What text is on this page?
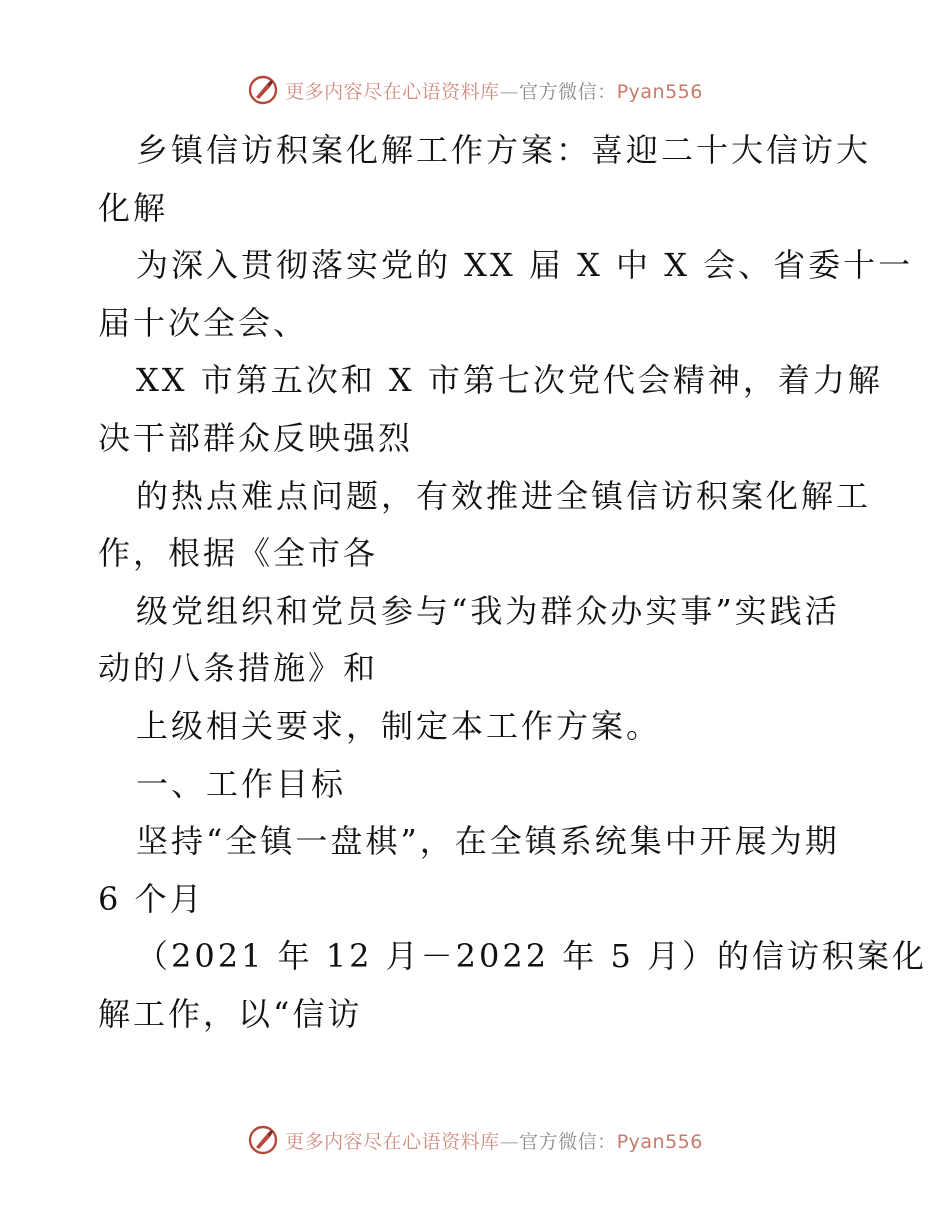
更多内容尽在心语资料库—官方微信：Pyan556
乡镇信访积案化解工作方案：喜迎二十大信访大
化解
为深入贯彻落实党的 XX 届 X 中 X 会、省委十一
届十次全会、
XX 市第五次和 X 市第七次党代会精神，着力解
决干部群众反映强烈
的热点难点问题，有效推进全镇信访积案化解工
作，根据《全市各
级党组织和党员参与“我为群众办实事”实践活
动的八条措施》和
上级相关要求，制定本工作方案。
一、工作目标
坚持“全镇一盘棋”，在全镇系统集中开展为期
6 个月
（2021 年 12 月－2022 年 5 月）的信访积案化
解工作，以“信访
更多内容尽在心语资料库—官方微信：Pyan556
